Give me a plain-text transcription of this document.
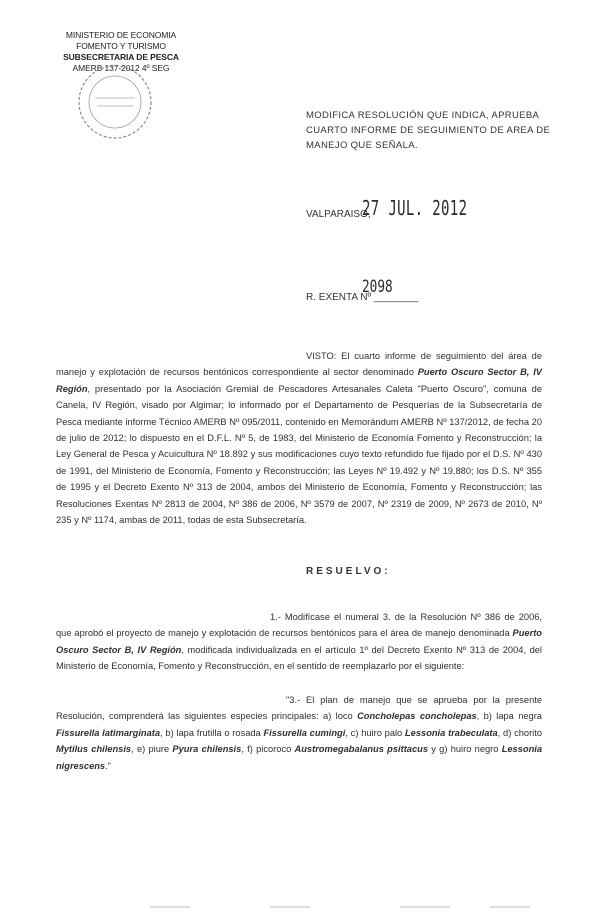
MINISTERIO DE ECONOMIA
FOMENTO Y TURISMO
SUBSECRETARIA DE PESCA
AMERB 137-2012 4º SEG
MODIFICA RESOLUCIÓN QUE INDICA, APRUEBA CUARTO INFORME DE SEGUIMIENTO DE AREA DE MANEJO QUE SEÑALA.
VALPARAISO,
27 JUL. 2012
R. EXENTA Nº ________
2098
VISTO: El cuarto informe de seguimiento del área de manejo y explotación de recursos bentónicos correspondiente al sector denominado Puerto Oscuro Sector B, IV Región, presentado por la Asociación Gremial de Pescadores Artesanales Caleta "Puerto Oscuro", comuna de Canela, IV Región, visado por Algimar; lo informado por el Departamento de Pesquerías de la Subsecretaría de Pesca mediante informe Técnico AMERB Nº 095/2011, contenido en Memorándum AMERB Nº 137/2012, de fecha 20 de julio de 2012; lo dispuesto en el D.F.L. Nº 5, de 1983, del Ministerio de Economía Fomento y Reconstrucción; la Ley General de Pesca y Acuicultura Nº 18.892 y sus modificaciones cuyo texto refundido fue fijado por el D.S. Nº 430 de 1991, del Ministerio de Economía, Fomento y Reconstrucción; las Leyes Nº 19.492 y Nº 19.880; los D.S. Nº 355 de 1995 y el Decreto Exento Nº 313 de 2004, ambos del Ministerio de Economía, Fomento y Reconstrucción; las Resoluciones Exentas Nº 2813 de 2004, Nº 386 de 2006, Nº 3579 de 2007, Nº 2319 de 2009, Nº 2673 de 2010, Nº 235 y Nº 1174, ambas de 2011, todas de esta Subsecretaría.
RESUELVO:
1.- Modifícase el numeral 3. de la Resolución Nº 386 de 2006, que aprobó el proyecto de manejo y explotación de recursos bentónicos para el área de manejo denominada Puerto Oscuro Sector B, IV Región, modificada individualizada en el artículo 1º del Decreto Exento Nº 313 de 2004, del Ministerio de Economía, Fomento y Reconstrucción, en el sentido de reemplazarlo por el siguiente:
"3.- El plan de manejo que se aprueba por la presente Resolución, comprenderá las siguientes especies principales: a) loco Concholepas concholepas, b) lapa negra Fissurella latimarginata, b) lapa frutilla o rosada Fissurella cumingi, c) huiro palo Lessonia trabeculata, d) chorito Mytilus chilensis, e) piure Pyura chilensis, f) picoroco Austromegabalanus psittacus y g) huiro negro Lessonia nigrescens."
